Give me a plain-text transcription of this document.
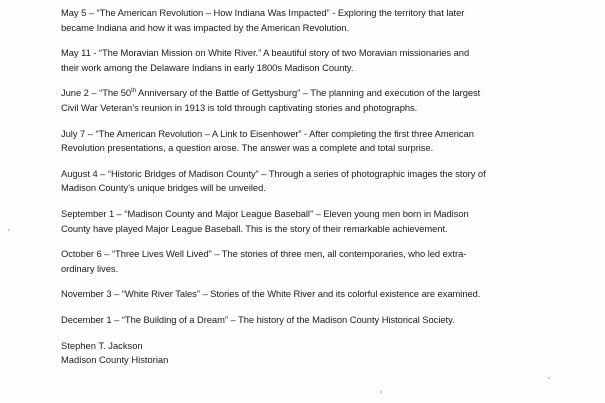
May 5 – “The American Revolution – How Indiana Was Impacted” - Exploring the territory that later
became Indiana and how it was impacted by the American Revolution.

May 11 - “The Moravian Mission on White River.” A beautiful story of two Moravian missionaries and
their work among the Delaware Indians in early 1800s Madison County.

June 2 – “The 50th Anniversary of the Battle of Gettysburg” – The planning and execution of the largest
Civil War Veteran’s reunion in 1913 is told through captivating stories and photographs.

July 7 – “The American Revolution – A Link to Eisenhower” - After completing the first three American
Revolution presentations, a question arose. The answer was a complete and total surprise.

August 4 – “Historic Bridges of Madison County” – Through a series of photographic images the story of
Madison County’s unique bridges will be unveiled.

September 1 – “Madison County and Major League Baseball” – Eleven young men born in Madison
County have played Major League Baseball. This is the story of their remarkable achievement.

October 6 – “Three Lives Well Lived” – The stories of three men, all contemporaries, who led extra-
ordinary lives.

November 3 – “White River Tales” – Stories of the White River and its colorful existence are examined.

December 1 – “The Building of a Dream” – The history of the Madison County Historical Society.

Stephen T. Jackson
Madison County Historian
